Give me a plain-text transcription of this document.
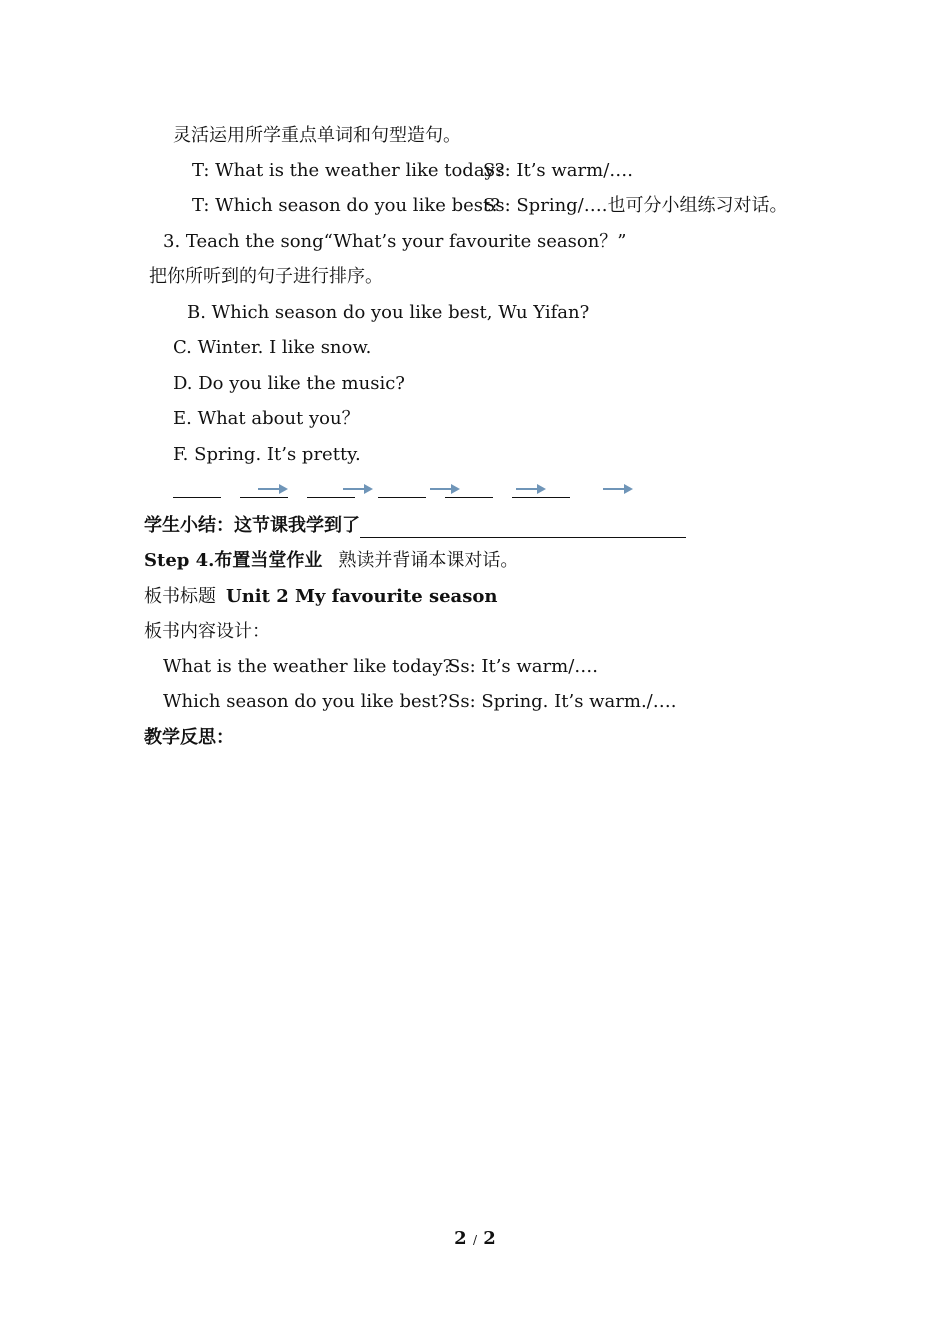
灵活运用所学重点单词和句型造句。
T: What is the weather like today?
Ss: It’s warm/….
T: Which season do you like best?
Ss: Spring/….也可分小组练习对话。
3. Teach the song“What’s your favourite season？”
把你所听到的句子进行排序。
B. Which season do you like best, Wu Yifan?
C. Winter. I like snow.
D. Do you like the music?
E. What about you？
F. Spring. It’s pretty.
学生小结：这节课我学到了
Step 4.布置当堂作业 熟读并背诵本课对话。
板书标题 Unit 2 My favourite season
板书内容设计：
What is the weather like today?
Ss: It’s warm/….
Which season do you like best? Ss: Spring. It’s warm./….
教学反思：
2 / 2
